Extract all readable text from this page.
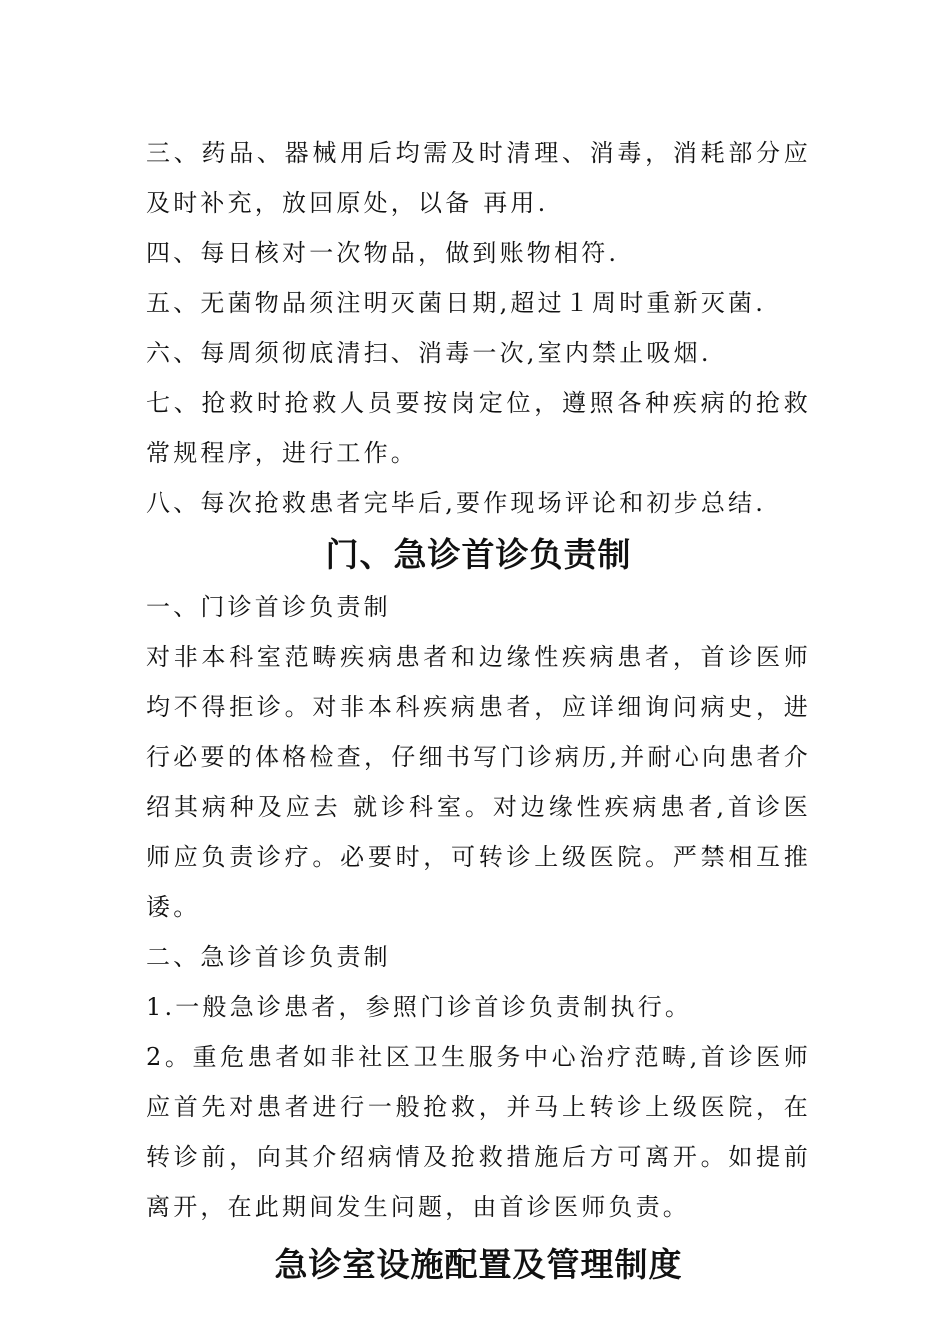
三、药品、器械用后均需及时清理、消毒，消耗部分应及时补充，放回原处，以备 再用.

四、每日核对一次物品，做到账物相符.

五、无菌物品须注明灭菌日期,超过１周时重新灭菌.

六、每周须彻底清扫、消毒一次,室内禁止吸烟.

七、抢救时抢救人员要按岗定位，遵照各种疾病的抢救常规程序，进行工作。

八、每次抢救患者完毕后,要作现场评论和初步总结.

门、急诊首诊负责制

一、门诊首诊负责制

对非本科室范畴疾病患者和边缘性疾病患者，首诊医师均不得拒诊。对非本科疾病患者，应详细询问病史，进行必要的体格检查，仔细书写门诊病历,并耐心向患者介绍其病种及应去 就诊科室。对边缘性疾病患者,首诊医师应负责诊疗。必要时，可转诊上级医院。严禁相互推诿。

二、急诊首诊负责制

1.一般急诊患者，参照门诊首诊负责制执行。

2。重危患者如非社区卫生服务中心治疗范畴,首诊医师应首先对患者进行一般抢救，并马上转诊上级医院，在转诊前，向其介绍病情及抢救措施后方可离开。如提前离开，在此期间发生问题，由首诊医师负责。

急诊室设施配置及管理制度
